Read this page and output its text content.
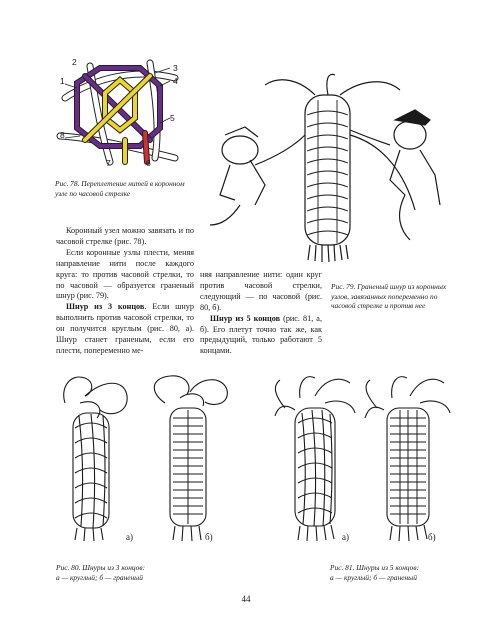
1
2
3
4
5
6
7
8
Рис. 78. Переплетение нитей в коронном узле по часовой стрелке
Рис. 79. Граненый шнур из коронных узлов, завязанных попеременно по часовой стрелке и против нее

Коронный узел можно завязать и по часовой стрелке (рис. 78).

Если коронные узлы плести, меняя направление нити после каждого круга: то против часовой стрелки, то по часовой — образуется граненый шнур (рис. 79).

Шнур из 3 концов. Если шнур выполнить против часовой стрелки, то он получится круглым (рис. 80, а). Шнур станет граненым, если его плести, попеременно ме-

няя направление нити: один круг против часовой стрелки, следующий — по часовой (рис. 80, б).

Шнур из 5 концов (рис. 81, а, б). Его плетут точно так же, как предыдущий, только работают 5 концами.

а)	б)
Рис. 80. Шнуры из 3 концов:
а — круглый; б — граненый
а)	б)
Рис. 81. Шнуры из 5 концов:
а — круглый; б — граненый
44
